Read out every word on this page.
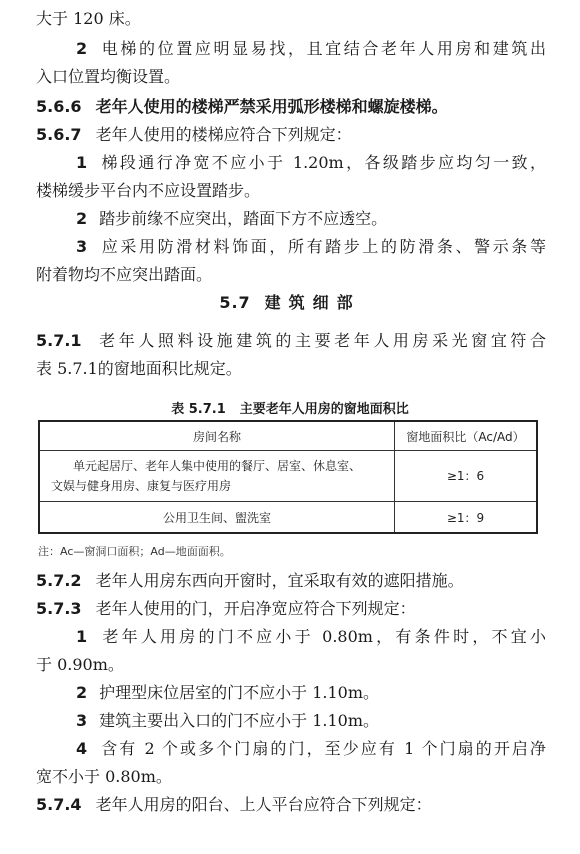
大于 120 床。
2 电梯的位置应明显易找，且宜结合老年人用房和建筑出
入口位置均衡设置。
5.6.6 老年人使用的楼梯严禁采用弧形楼梯和螺旋楼梯。
5.6.7 老年人使用的楼梯应符合下列规定：
1 梯段通行净宽不应小于 1.20m，各级踏步应均匀一致，
楼梯缓步平台内不应设置踏步。
2 踏步前缘不应突出，踏面下方不应透空。
3 应采用防滑材料饰面，所有踏步上的防滑条、警示条等
附着物均不应突出踏面。
5.7 建筑细部
5.7.1 老年人照料设施建筑的主要老年人用房采光窗宜符合
表 5.7.1的窗地面积比规定。
表 5.7.1 主要老年人用房的窗地面积比
房间名称	窗地面积比（Ac/Ad）

单元起居厅、老年人集中使用的餐厅、居室、休息室、
文娱与健身用房、康复与医疗用房	≥1：6
公用卫生间、盥洗室	≥1：9
注：Ac—窗洞口面积；Ad—地面面积。
5.7.2 老年人用房东西向开窗时，宜采取有效的遮阳措施。
5.7.3 老年人使用的门，开启净宽应符合下列规定：
1 老年人用房的门不应小于 0.80m，有条件时，不宜小
于 0.90m。
2 护理型床位居室的门不应小于 1.10m。
3 建筑主要出入口的门不应小于 1.10m。
4 含有 2 个或多个门扇的门，至少应有 1 个门扇的开启净
宽不小于 0.80m。
5.7.4 老年人用房的阳台、上人平台应符合下列规定：
